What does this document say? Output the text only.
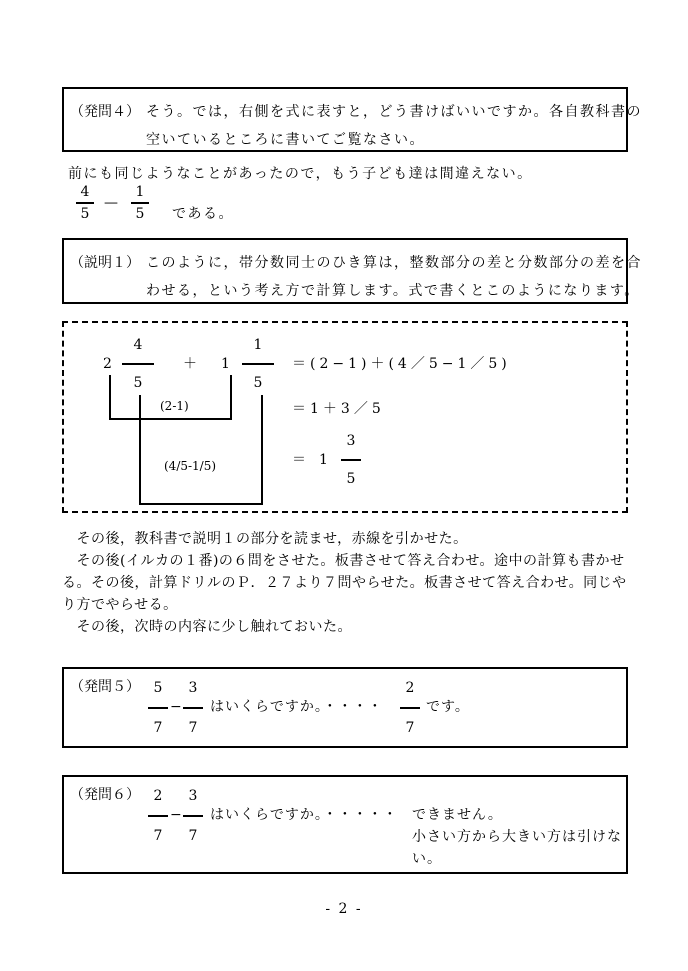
（発問４） そう。では，右側を式に表すと，どう書けばいいですか。各自教科書の
空いているところに書いてご覧なさい。
前にも同じようなことがあったので，もう子ども達は間違えない。
4
5
—
1
5 である。
（説明１） このように，帯分数同士のひき算は，整数部分の差と分数部分の差を合
わせる，という考え方で計算します。式で書くとこのようになります。
2
4
5
＋ 1
1
5
＝(2−1)＋(4／5−1／5)
＝1＋3／5
＝ $1 \frac{3}{5}$
(2-1)
(4/5-1/5)
　その後，教科書で説明１の部分を読ませ，赤線を引かせた。
　その後(イルカの１番)の６問をさせた。板書させて答え合わせ。途中の計算も書かせ
る。その後，計算ドリルのＰ．２７より７問やらせた。板書させて答え合わせ。同じや
り方でやらせる。
　その後，次時の内容に少し触れておいた。
（発問５） 5
7
−
3
7
はいくらですか。・・・・
2
7
です。
（発問６） 2
7
−
3
7
はいくらですか。・・・・・ できません。
小さい方から大きい方は引けな
い。
- 2 -
